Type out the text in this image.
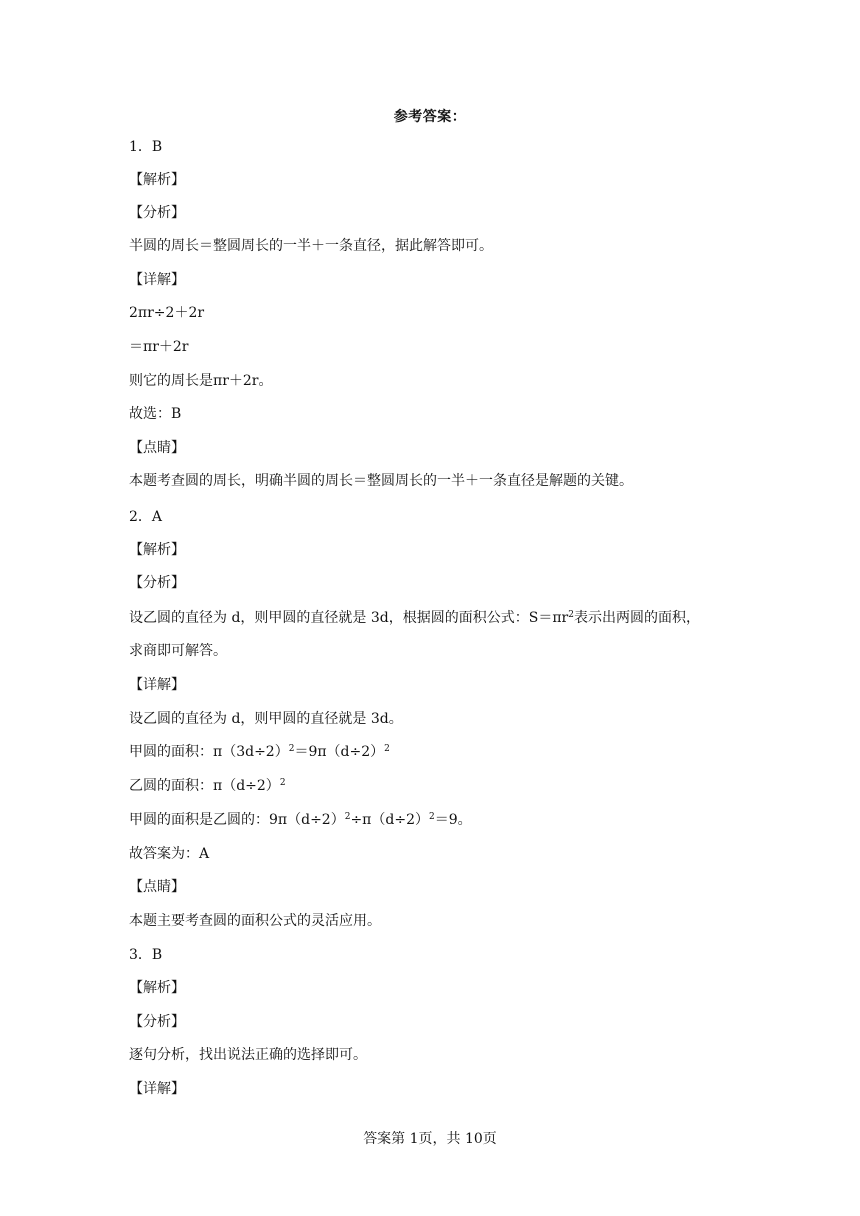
参考答案：
1．B
【解析】
【分析】
半圆的周长＝整圆周长的一半＋一条直径，据此解答即可。
【详解】
2πr÷2＋2r
＝πr＋2r
则它的周长是πr＋2r。
故选：B
【点睛】
本题考查圆的周长，明确半圆的周长＝整圆周长的一半＋一条直径是解题的关键。
2．A
【解析】
【分析】
设乙圆的直径为 d，则甲圆的直径就是 3d，根据圆的面积公式：$S=\pi r^2$表示出两圆的面积，
求商即可解答。
【详解】
设乙圆的直径为 d，则甲圆的直径就是 3d。
甲圆的面积：$\pi(3d\div 2)^2=9\pi(d\div 2)^2$
乙圆的面积：$\pi(d\div 2)^2$
甲圆的面积是乙圆的：$9\pi(d\div 2)^2\div\pi(d\div 2)^2=9$。
故答案为：A
【点睛】
本题主要考查圆的面积公式的灵活应用。
3．B
【解析】
【分析】
逐句分析，找出说法正确的选择即可。
【详解】
答案第 1页，共 10页
